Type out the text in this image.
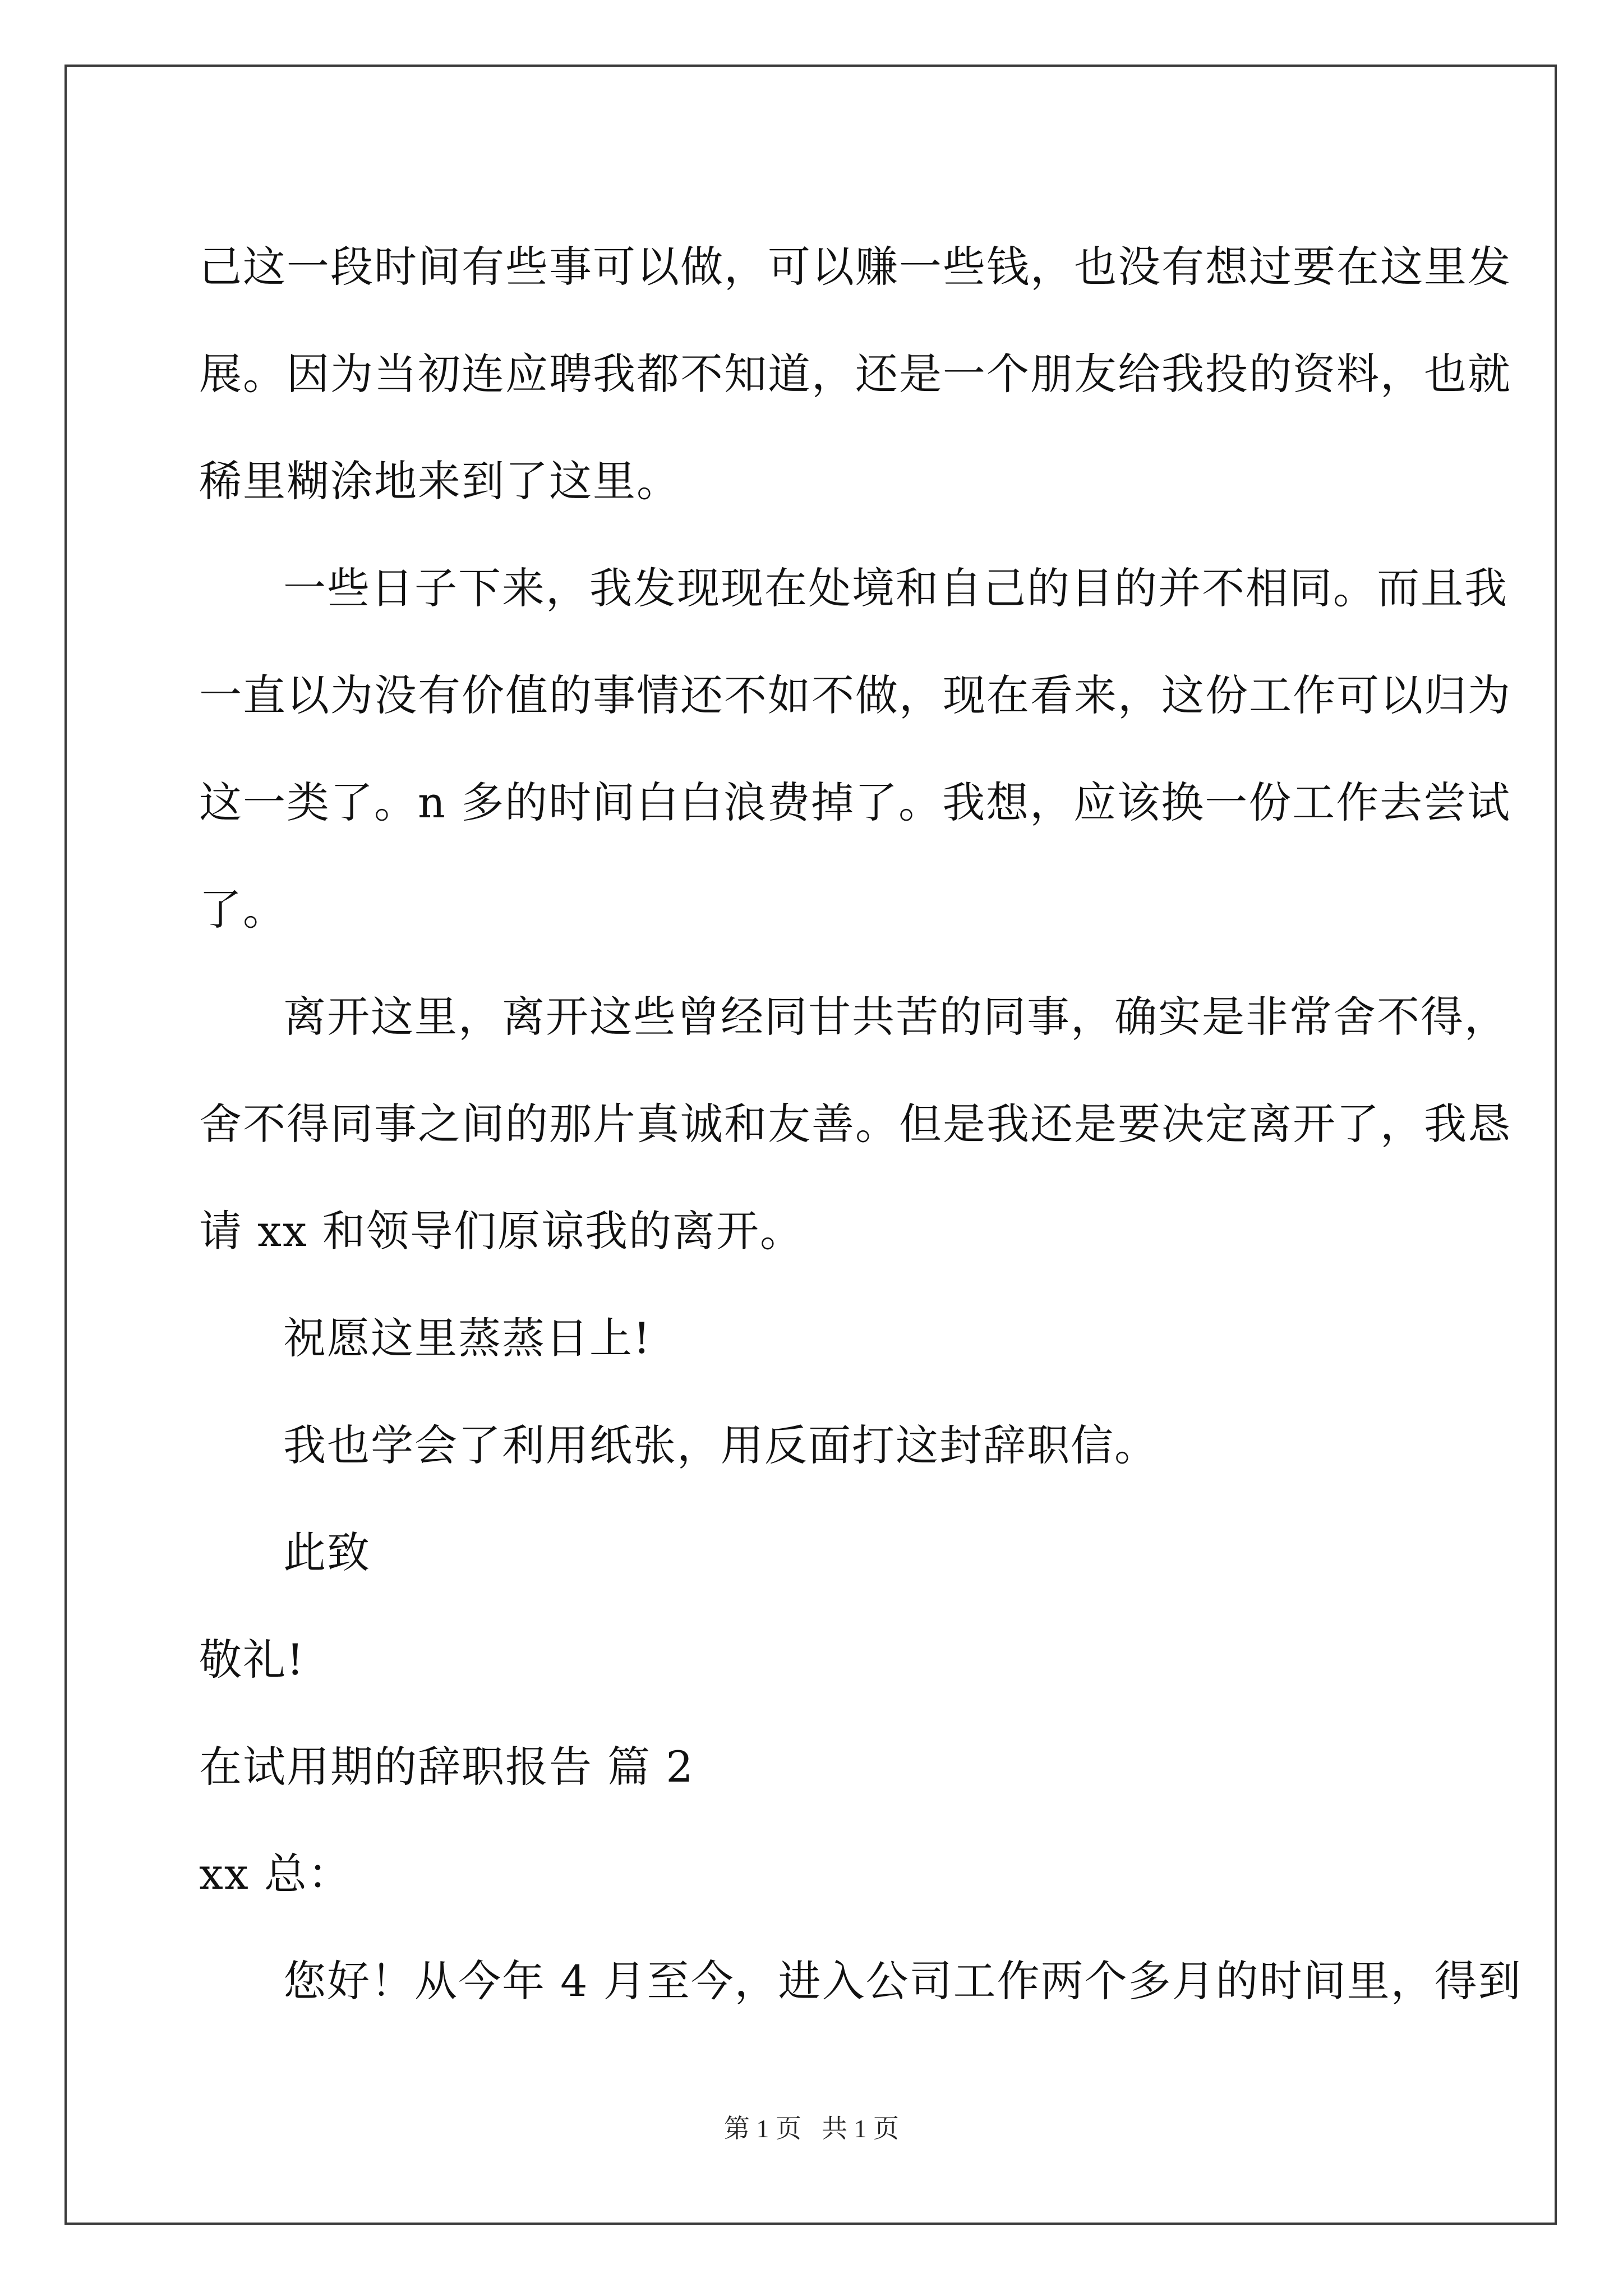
己这一段时间有些事可以做，可以赚一些钱，也没有想过要在这里发
展。因为当初连应聘我都不知道，还是一个朋友给我投的资料，也就
稀里糊涂地来到了这里。
一些日子下来，我发现现在处境和自己的目的并不相同。而且我
一直以为没有价值的事情还不如不做，现在看来，这份工作可以归为
这一类了。n 多的时间白白浪费掉了。我想，应该换一份工作去尝试
了。
离开这里，离开这些曾经同甘共苦的同事，确实是非常舍不得，
舍不得同事之间的那片真诚和友善。但是我还是要决定离开了，我恳
请 xx 和领导们原谅我的离开。
祝愿这里蒸蒸日上!
我也学会了利用纸张，用反面打这封辞职信。
此致
敬礼!
在试用期的辞职报告 篇 2
xx 总：
您好！从今年 4 月至今，进入公司工作两个多月的时间里，得到
第 1 页 共 1 页
